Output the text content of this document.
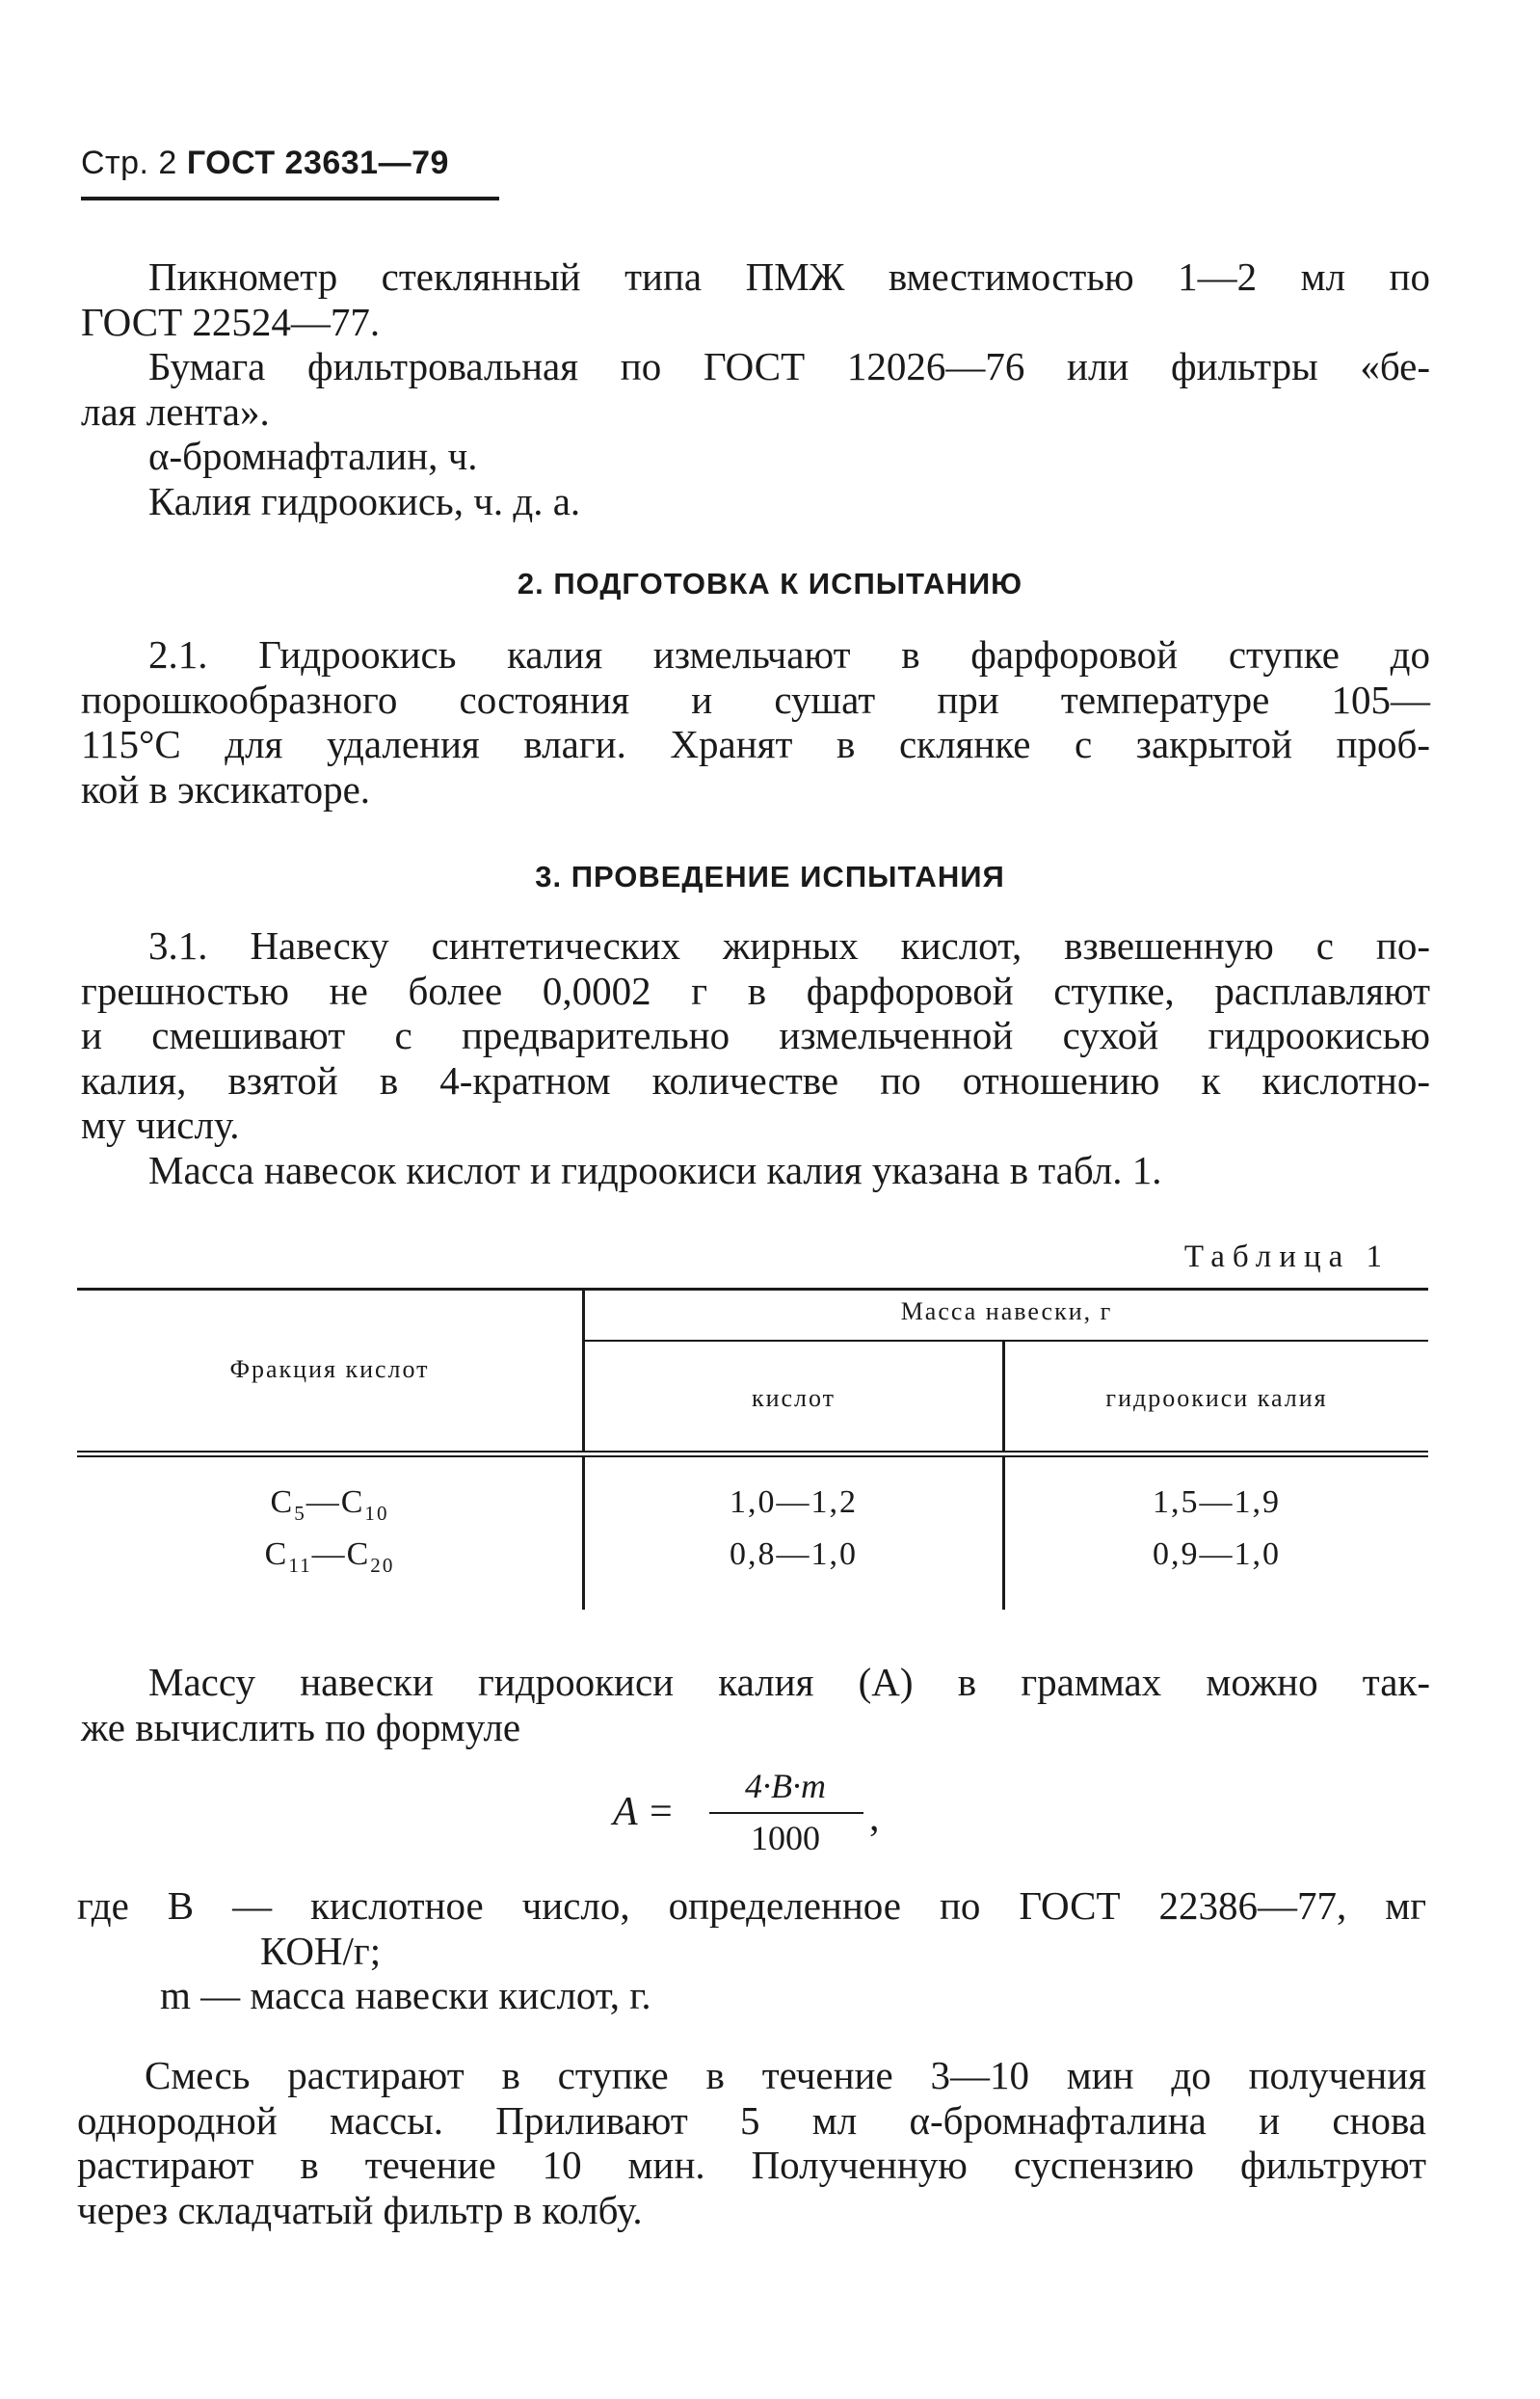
Стр. 2 ГОСТ 23631—79
Пикнометр стеклянный типа ПМЖ вместимостью 1—2 мл по
ГОСТ 22524—77.
Бумага фильтровальная по ГОСТ 12026—76 или фильтры «бе-
лая лента».
α-бромнафталин, ч.
Калия гидроокись, ч. д. а.
2. ПОДГОТОВКА К ИСПЫТАНИЮ
2.1. Гидроокись калия измельчают в фарфоровой ступке до
порошкообразного состояния и сушат при температуре 105—
115°С для удаления влаги. Хранят в склянке с закрытой проб-
кой в эксикаторе.
3. ПРОВЕДЕНИЕ ИСПЫТАНИЯ
3.1. Навеску синтетических жирных кислот, взвешенную с по-
грешностью не более 0,0002 г в фарфоровой ступке, расплавляют
и смешивают с предварительно измельченной сухой гидроокисью
калия, взятой в 4-кратном количестве по отношению к кислотно-
му числу.
Масса навесок кислот и гидроокиси калия указана в табл. 1.
Таблица 1
Фракция кислот
Масса навески, г
кислот	гидроокиси калия
$C_5—C_{10}$	1,0—1,2	1,5—1,9
$C_{11}—C_{20}$	0,8—1,0	0,9—1,0
Массу навески гидроокиси калия (А) в граммах можно так-
же вычислить по формуле
A =
4·B·m
1000	,
где B — кислотное число, определенное по ГОСТ 22386—77, мг
КОН/г;
m — масса навески кислот, г.
Смесь растирают в ступке в течение 3—10 мин до получения
однородной массы. Приливают 5 мл α-бромнафталина и снова
растирают в течение 10 мин. Полученную суспензию фильтруют
через складчатый фильтр в колбу.
